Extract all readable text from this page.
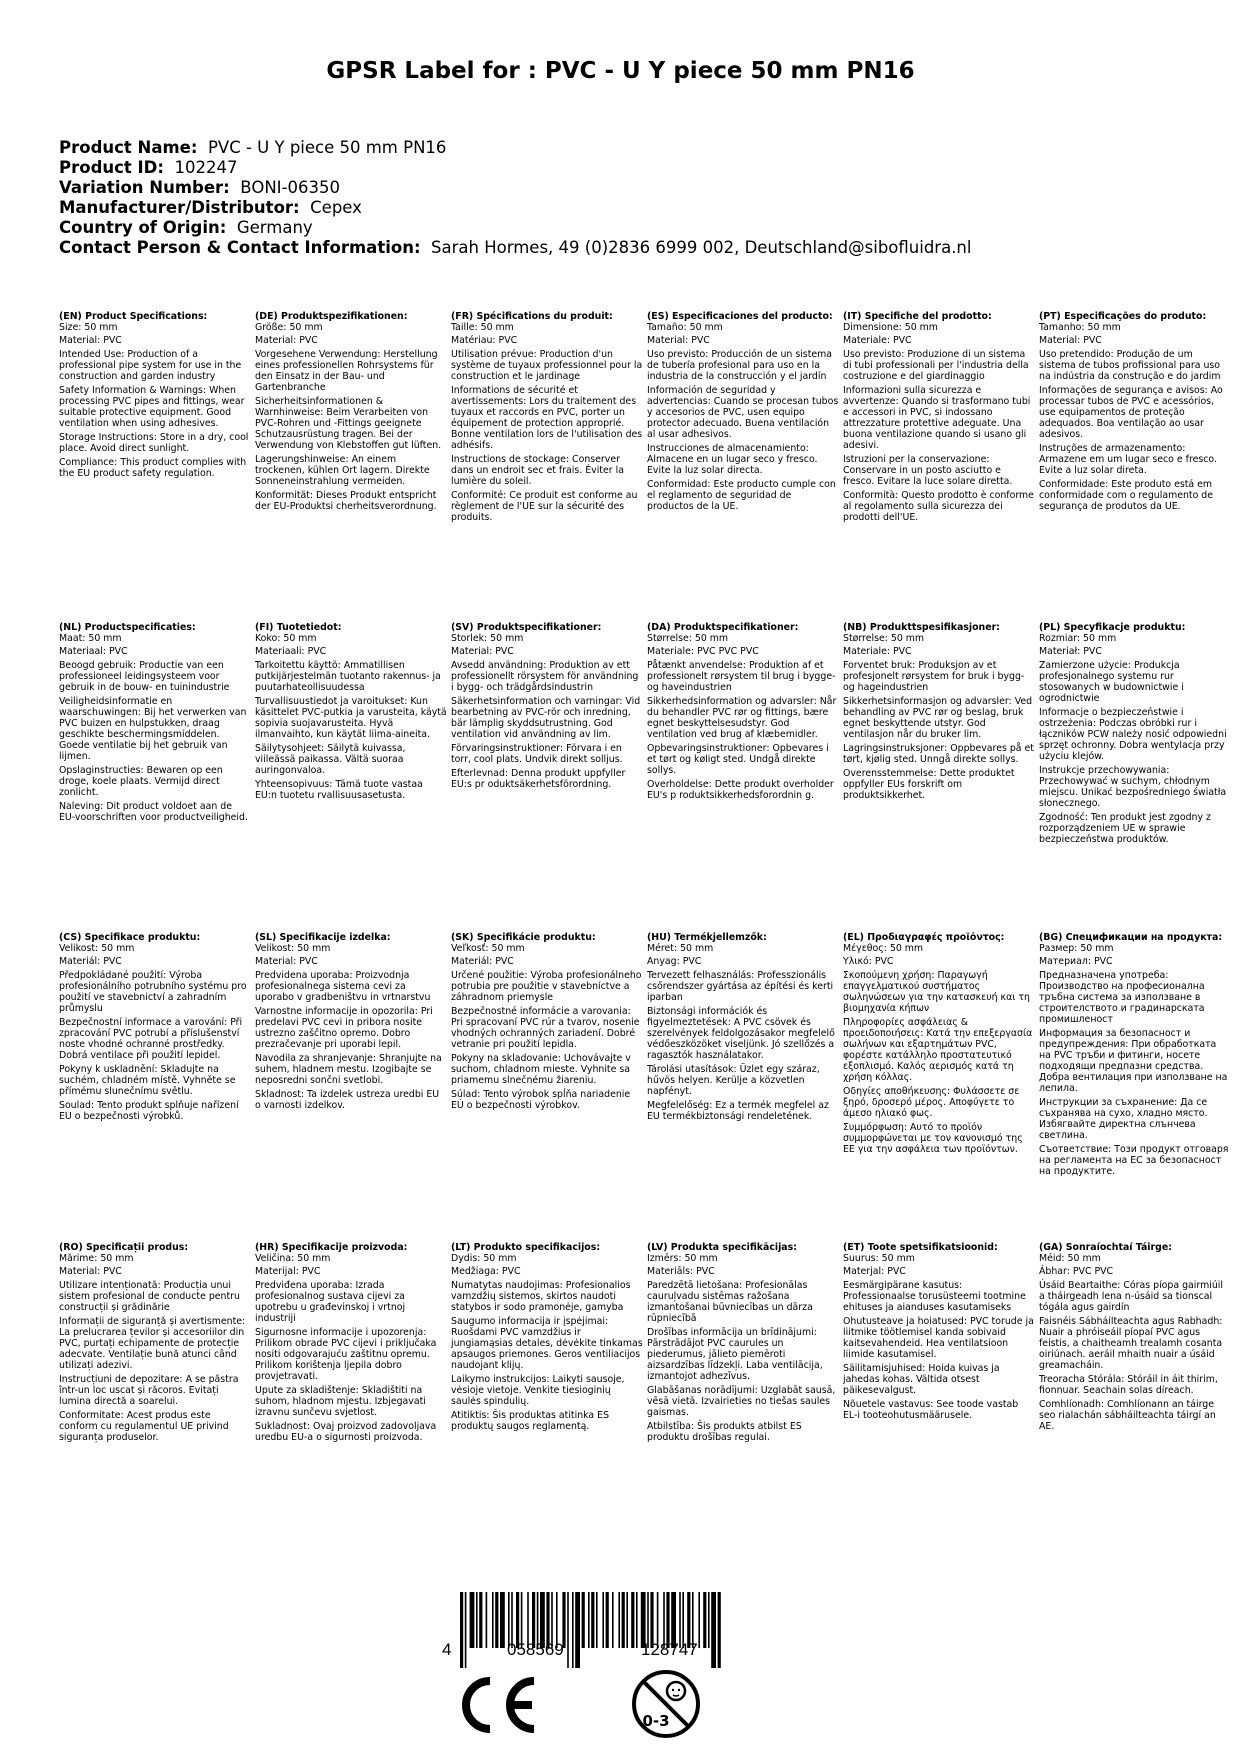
GPSR Label for : PVC - U Y piece 50 mm PN16
Product Name: PVC - U Y piece 50 mm PN16
Product ID: 102247
Variation Number: BONI-06350
Manufacturer/Distributor: Cepex
Country of Origin: Germany
Contact Person & Contact Information: Sarah Hormes, 49 (0)2836 6999 002, Deutschland@sibofluidra.nl
(EN) Product Specifications:
Size: 50 mm
Material: PVC
Intended Use: Production of a professional pipe system for use in the construction and garden industry
Safety Information & Warnings: When processing PVC pipes and fittings, wear suitable protective equipment. Good ventilation when using adhesives.
Storage Instructions: Store in a dry, cool place. Avoid direct sunlight.
Compliance: This product complies with the EU product safety regulation.
(DE) Produktspezifikationen:
Größe: 50 mm
Material: PVC
Vorgesehene Verwendung: Herstellung eines professionellen Rohrsystems für den Einsatz in der Bau- und Gartenbranche
Sicherheitsinformationen & Warnhinweise: Beim Verarbeiten von PVC-Rohren und -Fittings geeignete Schutzausrüstung tragen. Bei der Verwendung von Klebstoffen gut lüften.
Lagerungshinweise: An einem trockenen, kühlen Ort lagern. Direkte Sonneneinstrahlung vermeiden.
Konformität: Dieses Produkt entspricht der EU-Produktsi cherheitsverordnung.
(FR) Spécifications du produit:
Taille: 50 mm
Matériau: PVC
Utilisation prévue: Production d'un système de tuyaux professionnel pour la construction et le jardinage
Informations de sécurité et avertissements: Lors du traitement des tuyaux et raccords en PVC, porter un équipement de protection approprié. Bonne ventilation lors de l'utilisation des adhésifs.
Instructions de stockage: Conserver dans un endroit sec et frais. Éviter la lumière du soleil.
Conformité: Ce produit est conforme au règlement de l'UE sur la sécurité des produits.
(ES) Especificaciones del producto:
Tamaño: 50 mm
Material: PVC
Uso previsto: Producción de un sistema de tubería profesional para uso en la industria de la construcción y el jardín
Información de seguridad y advertencias: Cuando se procesan tubos y accesorios de PVC, usen equipo protector adecuado. Buena ventilación al usar adhesivos.
Instrucciones de almacenamiento: Almacene en un lugar seco y fresco. Evite la luz solar directa.
Conformidad: Este producto cumple con el reglamento de seguridad de productos de la UE.
(IT) Specifiche del prodotto:
Dimensione: 50 mm
Materiale: PVC
Uso previsto: Produzione di un sistema di tubi professionali per l'industria della costruzione e del giardinaggio
Informazioni sulla sicurezza e avvertenze: Quando si trasformano tubi e accessori in PVC, si indossano attrezzature protettive adeguate. Una buona ventilazione quando si usano gli adesivi.
Istruzioni per la conservazione: Conservare in un posto asciutto e fresco. Evitare la luce solare diretta.
Conformità: Questo prodotto è conforme al regolamento sulla sicurezza dei prodotti dell'UE.
(PT) Especificações do produto:
Tamanho: 50 mm
Material: PVC
Uso pretendido: Produção de um sistema de tubos profissional para uso na indústria da construção e do jardim
Informações de segurança e avisos: Ao processar tubos de PVC e acessórios, use equipamentos de proteção adequados. Boa ventilação ao usar adesivos.
Instruções de armazenamento: Armazene em um lugar seco e fresco. Evite a luz solar direta.
Conformidade: Este produto está em conformidade com o regulamento de segurança de produtos da UE.
(NL) Productspecificaties:
Maat: 50 mm
Materiaal: PVC
Beoogd gebruik: Productie van een professioneel leidingsysteem voor gebruik in de bouw- en tuinindustrie
Veiligheidsinformatie en waarschuwingen: Bij het verwerken van PVC buizen en hulpstukken, draag geschikte beschermingsmiddelen. Goede ventilatie bij het gebruik van lijmen.
Opslaginstructies: Bewaren op een droge, koele plaats. Vermijd direct zonlicht.
Naleving: Dit product voldoet aan de EU-voorschriften voor productveiligheid.
(FI) Tuotetiedot:
Koko: 50 mm
Materiaali: PVC
Tarkoitettu käyttö: Ammatillisen putkijärjestelmän tuotanto rakennus- ja puutarhateollisuudessa
Turvallisuustiedot ja varoitukset: Kun käsittelet PVC-putkia ja varusteita, käytä sopivia suojavarusteita. Hyvä ilmanvaihto, kun käytät liima-aineita.
Säilytysohjeet: Säilytä kuivassa, viileässä paikassa. Vältä suoraa auringonvaloa.
Yhteensopivuus: Tämä tuote vastaa EU:n tuotetu rvallisuusasetusta.
(SV) Produktspecifikationer:
Storlek: 50 mm
Material: PVC
Avsedd användning: Produktion av ett professionellt rörsystem för användning i bygg- och trädgårdsindustrin
Säkerhetsinformation och varningar: Vid bearbetning av PVC-rör och inredning, bär lämplig skyddsutrustning. God ventilation vid användning av lim.
Förvaringsinstruktioner: Förvara i en torr, cool plats. Undvik direkt solljus.
Efterlevnad: Denna produkt uppfyller EU:s pr oduktsäkerhetsförordning.
(DA) Produktspecifikationer:
Størrelse: 50 mm
Materiale: PVC PVC PVC
Påtænkt anvendelse: Produktion af et professionelt rørsystem til brug i bygge- og haveindustrien
Sikkerhedsinformation og advarsler: Når du behandler PVC rør og fittings, bære egnet beskyttelsesudstyr. God ventilation ved brug af klæbemidler.
Opbevaringsinstruktioner: Opbevares i et tørt og køligt sted. Undgå direkte sollys.
Overholdelse: Dette produkt overholder EU's p roduktsikkerhedsforordnin g.
(NB) Produkttspesifikasjoner:
Størrelse: 50 mm
Materiale: PVC
Forventet bruk: Produksjon av et profesjonelt rørsystem for bruk i bygg- og hageindustrien
Sikkerhetsinformasjon og advarsler: Ved behandling av PVC rør og beslag, bruk egnet beskyttende utstyr. God ventilasjon når du bruker lim.
Lagringsinstruksjoner: Oppbevares på et tørt, kjølig sted. Unngå direkte sollys.
Overensstemmelse: Dette produktet oppfyller EUs forskrift om produktsikkerhet.
(PL) Specyfikacje produktu:
Rozmiar: 50 mm
Materiał: PVC
Zamierzone użycie: Produkcja profesjonalnego systemu rur stosowanych w budownictwie i ogrodnictwie
Informacje o bezpieczeństwie i ostrzeżenia: Podczas obróbki rur i łączników PCW należy nosić odpowiedni sprzęt ochronny. Dobra wentylacja przy użyciu klejów.
Instrukcje przechowywania: Przechowywać w suchym, chłodnym miejscu. Unikać bezpośredniego światła słonecznego.
Zgodność: Ten produkt jest zgodny z rozporządzeniem UE w sprawie bezpieczeństwa produktów.
(CS) Specifikace produktu:
Velikost: 50 mm
Materiál: PVC
Předpokládané použití: Výroba profesionálního potrubního systému pro použití ve stavebnictví a zahradním průmyslu
Bezpečnostní informace a varování: Při zpracování PVC potrubí a příslušenství noste vhodné ochranné prostředky. Dobrá ventilace při použití lepidel.
Pokyny k uskladnění: Skladujte na suchém, chladném místě. Vyhněte se přímému slunečnímu světlu.
Soulad: Tento produkt splňuje nařízení EU o bezpečnosti výrobků.
(SL) Specifikacije izdelka:
Velikost: 50 mm
Material: PVC
Predvidena uporaba: Proizvodnja profesionalnega sistema cevi za uporabo v gradbeništvu in vrtnarstvu
Varnostne informacije in opozorila: Pri predelavi PVC cevi in pribora nosite ustrezno zaščitno opremo. Dobro prezračevanje pri uporabi lepil.
Navodila za shranjevanje: Shranjujte na suhem, hladnem mestu. Izogibajte se neposredni sončni svetlobi.
Skladnost: Ta izdelek ustreza uredbi EU o varnosti izdelkov.
(SK) Špecifikácie produktu:
Veľkosť: 50 mm
Materiál: PVC
Určené použitie: Výroba profesionálneho potrubia pre použitie v stavebníctve a záhradnom priemysle
Bezpečnostné informácie a varovania: Pri spracovaní PVC rúr a tvarov, nosenie vhodných ochranných zariadení. Dobré vetranie pri použití lepidla.
Pokyny na skladovanie: Uchovávajte v suchom, chladnom mieste. Vyhnite sa priamemu slnečnému žiareniu.
Súlad: Tento výrobok spĺňa nariadenie EÚ o bezpečnosti výrobkov.
(HU) Termékjellemzők:
Méret: 50 mm
Anyag: PVC
Tervezett felhasználás: Professzionális csőrendszer gyártása az építési és kerti iparban
Biztonsági információk és figyelmeztetések: A PVC csövek és szerelvények feldolgozásakor megfelelő védőeszközöket viseljünk. Jó szellőzés a ragasztók használatakor.
Tárolási utasítások: Üzlet egy száraz, hűvös helyen. Kerülje a közvetlen napfényt.
Megfelelőség: Ez a termék megfelel az EU termékbiztonsági rendeletének.
(EL) Προδιαγραφές προϊόντος:
Μέγεθος: 50 mm
Υλικό: PVC
Σκοπούμενη χρήση: Παραγωγή επαγγελματικού συστήματος σωληνώσεων για την κατασκευή και τη βιομηχανία κήπων
Πληροφορίες ασφάλειας & προειδοποιήσεις: Κατά την επεξεργασία σωλήνων και εξαρτημάτων PVC, φορέστε κατάλληλο προστατευτικό εξοπλισμό. Καλός αερισμός κατά τη χρήση κόλλας.
Οδηγίες αποθήκευσης: Φυλάσσετε σε ξηρό, δροσερό μέρος. Αποφύγετε το άμεσο ηλιακό φως.
Συμμόρφωση: Αυτό το προϊόν συμμορφώνεται με τον κανονισμό της ΕΕ για την ασφάλεια των προϊόντων.
(BG) Спецификации на продукта:
Размер: 50 mm
Материал: PVC
Предназначена употреба: Производство на професионална тръбна система за използване в строителството и градинарската промишленост
Информация за безопасност и предупреждения: При обработката на PVC тръби и фитинги, носете подходящи предпазни средства. Добра вентилация при използване на лепила.
Инструкции за съхранение: Да се съхранява на сухо, хладно място. Избягвайте директна слънчева светлина.
Съответствие: Този продукт отговаря на регламента на ЕС за безопасност на продуктите.
(RO) Specificații produs:
Mărime: 50 mm
Material: PVC
Utilizare intenționată: Producția unui sistem profesional de conducte pentru construcții și grădinărie
Informații de siguranță și avertismente: La prelucrarea țevilor și accesoriilor din PVC, purtați echipamente de protecție adecvate. Ventilație bună atunci când utilizați adezivi.
Instrucțiuni de depozitare: A se păstra într-un loc uscat și răcoros. Evitați lumina directă a soarelui.
Conformitate: Acest produs este conform cu regulamentul UE privind siguranța produselor.
(HR) Specifikacije proizvoda:
Veličina: 50 mm
Materijal: PVC
Predviđena uporaba: Izrada profesionalnog sustava cijevi za upotrebu u građevinskoj i vrtnoj industriji
Sigurnosne informacije i upozorenja: Prilikom obrade PVC cijevi i priključaka nositi odgovarajuću zaštitnu opremu. Prilikom korištenja ljepila dobro provjetravati.
Upute za skladištenje: Skladištiti na suhom, hladnom mjestu. Izbjegavati izravnu sunčevu svjetlost.
Sukladnost: Ovaj proizvod zadovoljava uredbu EU-a o sigurnosti proizvoda.
(LT) Produkto specifikacijos:
Dydis: 50 mm
Medžiaga: PVC
Numatytas naudojimas: Profesionalios vamzdžių sistemos, skirtos naudoti statybos ir sodo pramonėje, gamyba
Saugumo informacija ir įspėjimai: Ruošdami PVC vamzdžius ir jungiamąsias detales, dėvėkite tinkamas apsaugos priemones. Geros ventiliacijos naudojant klijų.
Laikymo instrukcijos: Laikyti sausoje, vėsioje vietoje. Venkite tiesioginių saulės spindulių.
Atitiktis: Šis produktas atitinka ES produktų saugos reglamentą.
(LV) Produkta specifikācijas:
Izmērs: 50 mm
Materiāls: PVC
Paredzētā lietošana: Profesionālas cauruļvadu sistēmas ražošana izmantošanai būvniecības un dārza rūpniecībā
Drošības informācija un brīdinājumi: Pārstrādājot PVC caurules un piederumus, jālieto piemēroti aizsardzības līdzekļi. Laba ventilācija, izmantojot adhezīvus.
Glabāšanas norādījumi: Uzglabāt sausā, vēsā vietā. Izvairieties no tiešas saules gaismas.
Atbilstība: Šis produkts atbilst ES produktu drošības regulai.
(ET) Toote spetsifikatsioonid:
Suurus: 50 mm
Materjal: PVC
Eesmärgipärane kasutus: Professionaalse torusüsteemi tootmine ehituses ja aianduses kasutamiseks
Ohutusteave ja hoiatused: PVC torude ja liitmike töötlemisel kanda sobivaid kaitsevahendeid. Hea ventilatsioon liimide kasutamisel.
Säilitamisjuhised: Hoida kuivas ja jahedas kohas. Vältida otsest päikesevalgust.
Nõuetele vastavus: See toode vastab EL-i tooteohutusmäärusele.
(GA) Sonraíochtaí Táirge:
Méid: 50 mm
Ábhar: PVC PVC
Úsáid Beartaithe: Córas píopa gairmiúil a tháirgeadh lena n-úsáid sa tionscal tógála agus gairdín
Faisnéis Sábháilteachta agus Rabhadh: Nuair a phróiseáil píopaí PVC agus feistis, a chaitheamh trealamh cosanta oiriúnach. aeráil mhaith nuair a úsáid greamacháin.
Treoracha Stórála: Stóráil in áit thirim, fionnuar. Seachain solas díreach.
Comhlíonadh: Comhlíonann an táirge seo rialachán sábháilteachta táirgí an AE.
4	058569	128747
0-3
